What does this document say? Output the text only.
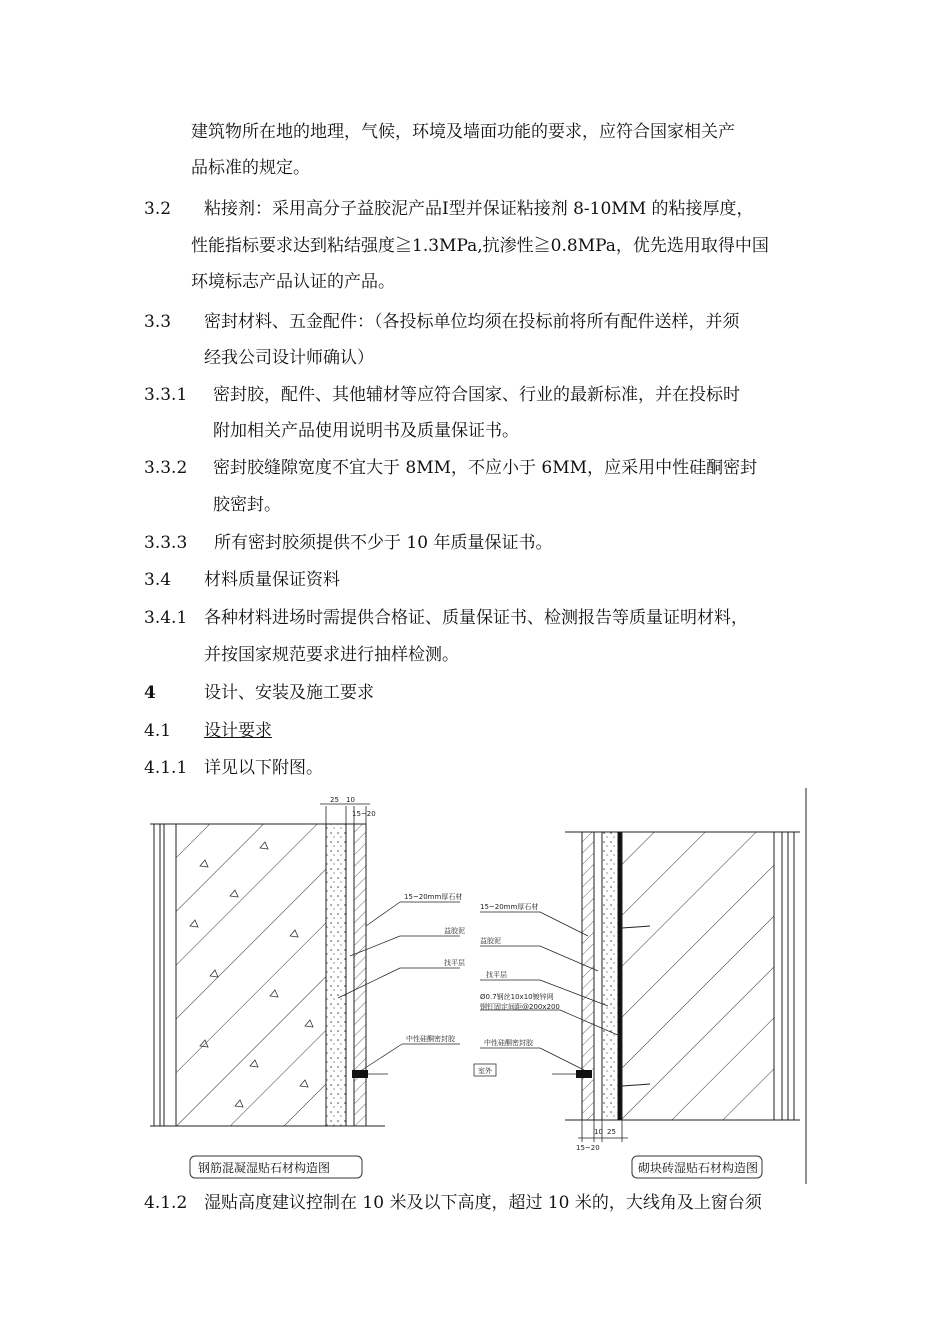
建筑物所在地的地理，气候，环境及墙面功能的要求，应符合国家相关产
品标准的规定。
3.2 粘接剂：采用高分子益胶泥产品Ⅰ型并保证粘接剂 8-10MM 的粘接厚度，
性能指标要求达到粘结强度≧1.3MPa,抗渗性≧0.8MPa，优先选用取得中国
环境标志产品认证的产品。
3.3 密封材料、五金配件：（各投标单位均须在投标前将所有配件送样，并须
经我公司设计师确认）
3.3.1 密封胶，配件、其他辅材等应符合国家、行业的最新标准，并在投标时
附加相关产品使用说明书及质量保证书。
3.3.2 密封胶缝隙宽度不宜大于 8MM，不应小于 6MM，应采用中性硅酮密封
胶密封。
3.3.3 所有密封胶须提供不少于 10 年质量保证书。
3.4 材料质量保证资料
3.4.1 各种材料进场时需提供合格证、质量保证书、检测报告等质量证明材料，
并按国家规范要求进行抽样检测。
4	设计、安装及施工要求
4.1 设计要求
4.1.1 详见以下附图。
4.1.2 湿贴高度建议控制在 10 米及以下高度，超过 10 米的，大线角及上窗台须
25 10
15~20
15~20mm厚石材
益胶泥
找平层
中性硅酮密封胶
钢筋混凝湿贴石材构造图
室外
15~20mm厚石材
益胶泥
找平层
Ø0.7钢丝10x10镀锌网
钢钉固定间距@200x200
中性硅酮密封胶
15~20
10 25
砌块砖湿贴石材构造图
